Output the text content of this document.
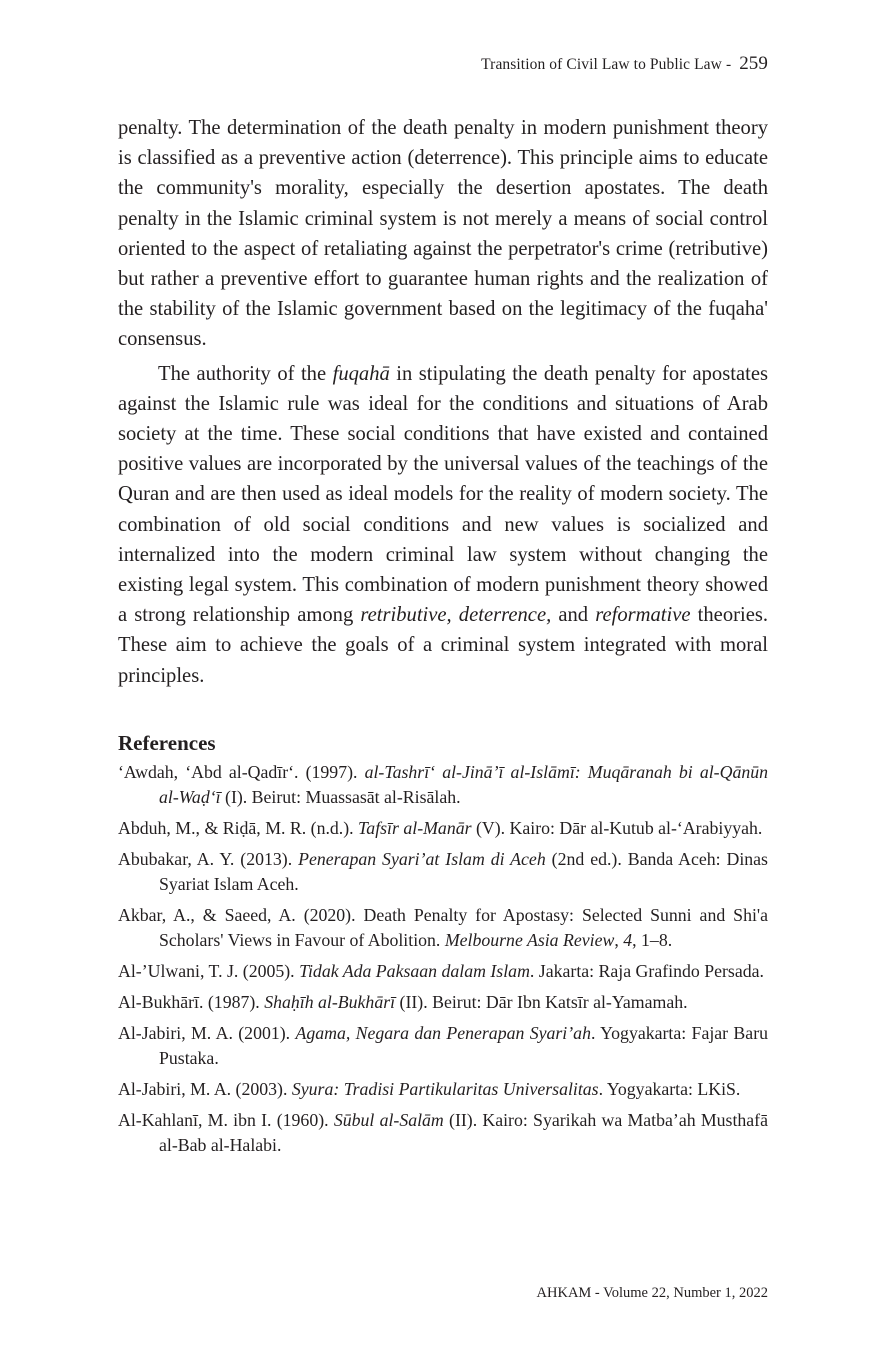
Transition of Civil Law to Public Law - 259

penalty. The determination of the death penalty in modern punishment theory is classified as a preventive action (deterrence). This principle aims to educate the community's morality, especially the desertion apostates. The death penalty in the Islamic criminal system is not merely a means of social control oriented to the aspect of retaliating against the perpetrator's crime (retributive) but rather a preventive effort to guarantee human rights and the realization of the stability of the Islamic government based on the legitimacy of the fuqaha' consensus.

The authority of the fuqahā in stipulating the death penalty for apostates against the Islamic rule was ideal for the conditions and situations of Arab society at the time. These social conditions that have existed and contained positive values are incorporated by the universal values of the teachings of the Quran and are then used as ideal models for the reality of modern society. The combination of old social conditions and new values is socialized and internalized into the modern criminal law system without changing the existing legal system. This combination of modern punishment theory showed a strong relationship among retributive, deterrence, and reformative theories. These aim to achieve the goals of a criminal system integrated with moral principles.

References

‘Awdah, ‘Abd al-Qadīr‘. (1997). al-Tashrī‘ al-Jinā’ī al-Islāmī: Muqāranah bi al-Qānūn al-Waḍ‘ī (I). Beirut: Muassasāt al-Risālah.

Abduh, M., & Riḍā, M. R. (n.d.). Tafsīr al-Manār (V). Kairo: Dār al-Kutub al-‘Arabiyyah.

Abubakar, A. Y. (2013). Penerapan Syari’at Islam di Aceh (2nd ed.). Banda Aceh: Dinas Syariat Islam Aceh.

Akbar, A., & Saeed, A. (2020). Death Penalty for Apostasy: Selected Sunni and Shi'a Scholars' Views in Favour of Abolition. Melbourne Asia Review, 4, 1–8.

Al-’Ulwani, T. J. (2005). Tidak Ada Paksaan dalam Islam. Jakarta: Raja Grafindo Persada.

Al-Bukhārī. (1987). Shaḥīh al-Bukhārī (II). Beirut: Dār Ibn Katsīr al-Yamamah.

Al-Jabiri, M. A. (2001). Agama, Negara dan Penerapan Syari’ah. Yogyakarta: Fajar Baru Pustaka.

Al-Jabiri, M. A. (2003). Syura: Tradisi Partikularitas Universalitas. Yogyakarta: LKiS.

Al-Kahlanī, M. ibn I. (1960). Sūbul al-Salām (II). Kairo: Syarikah wa Matba’ah Musthafā al-Bab al-Halabi.

AHKAM - Volume 22, Number 1, 2022
